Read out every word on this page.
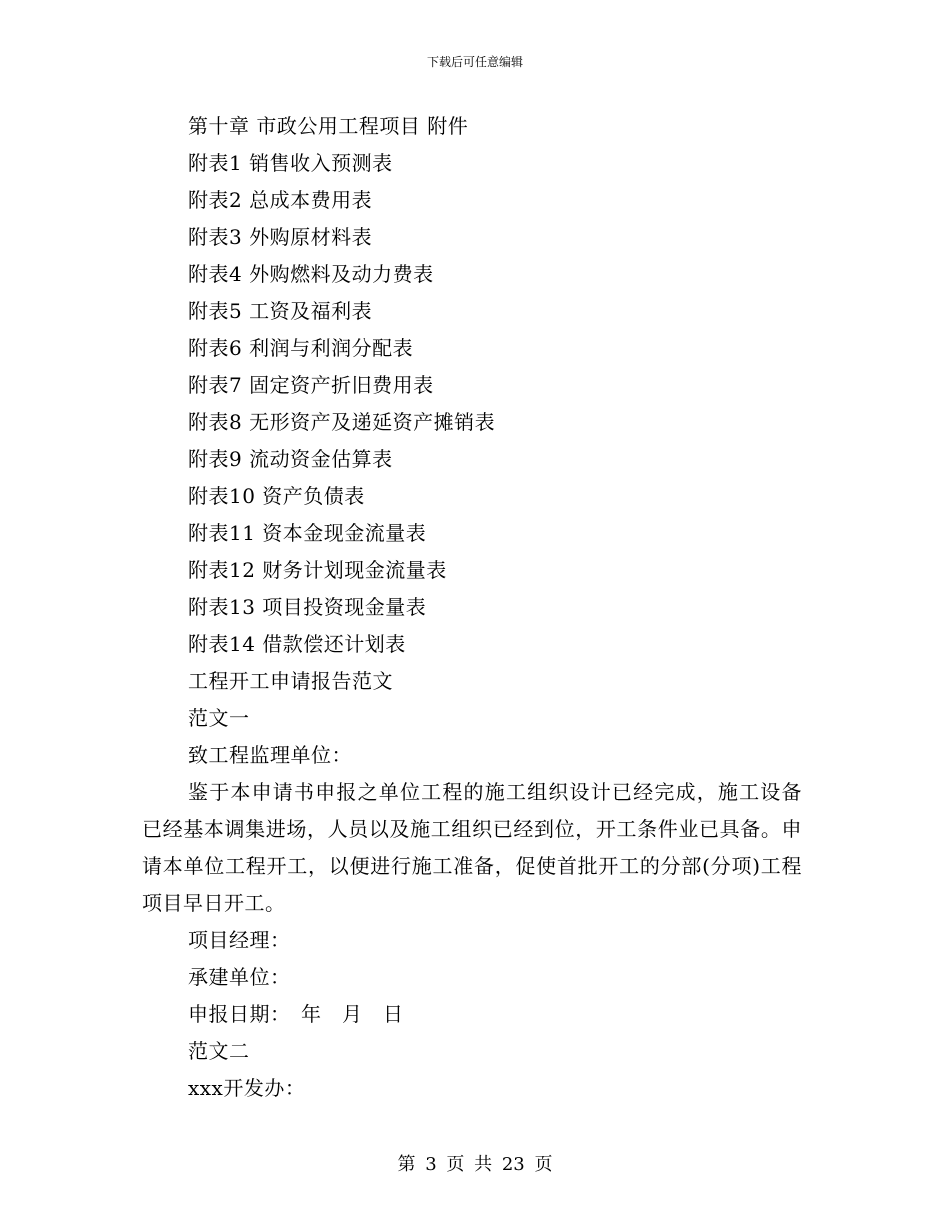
下载后可任意编辑
第十章 市政公用工程项目 附件
附表1 销售收入预测表
附表2 总成本费用表
附表3 外购原材料表
附表4 外购燃料及动力费表
附表5 工资及福利表
附表6 利润与利润分配表
附表7 固定资产折旧费用表
附表8 无形资产及递延资产摊销表
附表9 流动资金估算表
附表10 资产负债表
附表11 资本金现金流量表
附表12 财务计划现金流量表
附表13 项目投资现金量表
附表14 借款偿还计划表
工程开工申请报告范文
范文一
致工程监理单位：
鉴于本申请书申报之单位工程的施工组织设计已经完成，施工设备已经基本调集进场，人员以及施工组织已经到位，开工条件业已具备。申请本单位工程开工，以便进行施工准备，促使首批开工的分部(分项)工程项目早日开工。
项目经理：
承建单位：
申报日期：　年　月　日
范文二
xxx开发办：
第 3 页 共 23 页
